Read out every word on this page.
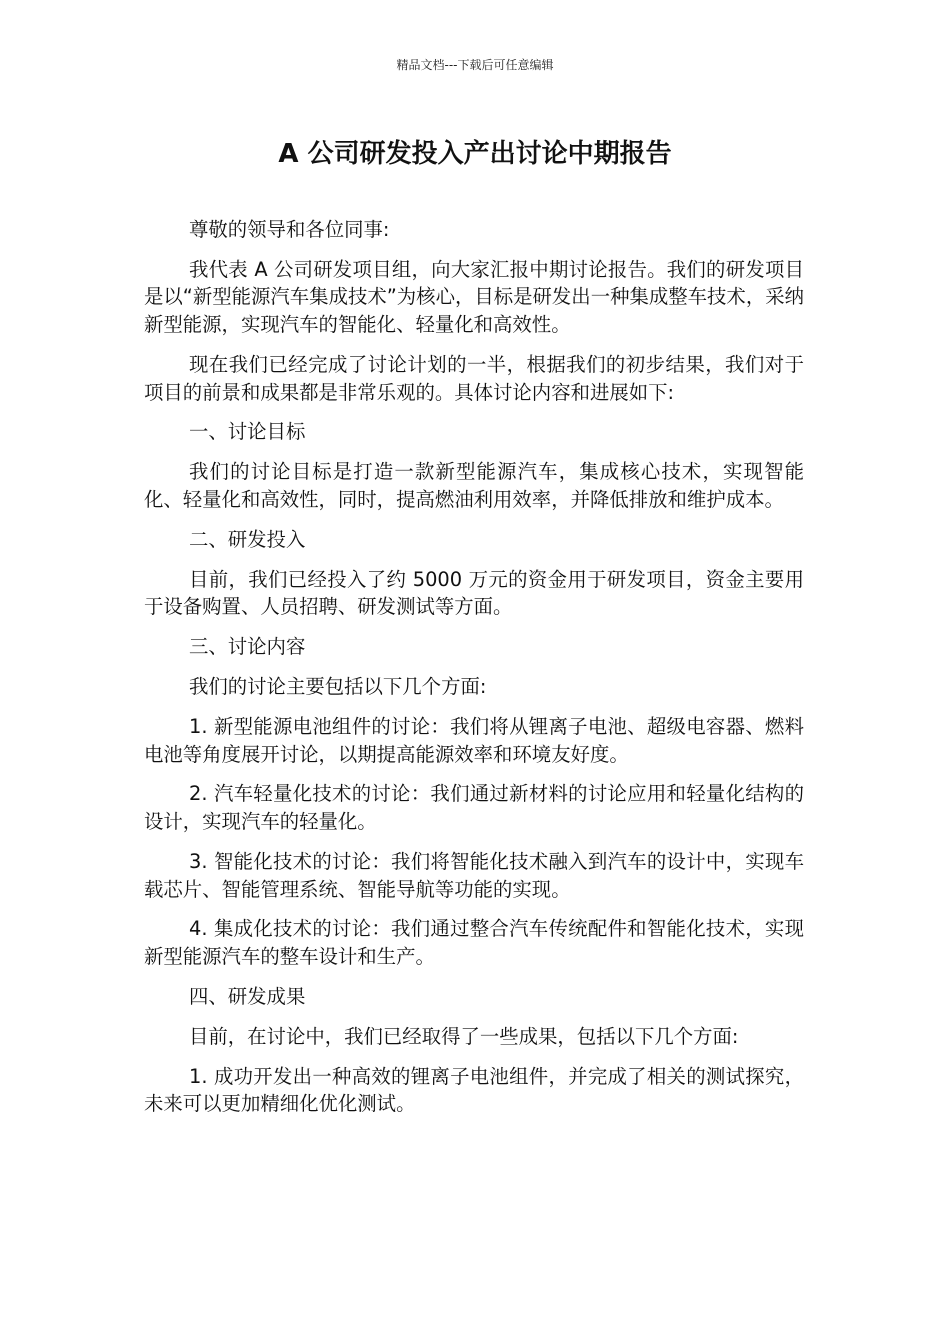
精品文档---下载后可任意编辑
A 公司研发投入产出讨论中期报告

尊敬的领导和各位同事:

我代表 A 公司研发项目组，向大家汇报中期讨论报告。我们的研发项目是以“新型能源汽车集成技术”为核心，目标是研发出一种集成整车技术，采纳新型能源，实现汽车的智能化、轻量化和高效性。

现在我们已经完成了讨论计划的一半，根据我们的初步结果，我们对于项目的前景和成果都是非常乐观的。具体讨论内容和进展如下:

一、讨论目标

我们的讨论目标是打造一款新型能源汽车，集成核心技术，实现智能化、轻量化和高效性，同时，提高燃油利用效率，并降低排放和维护成本。

二、研发投入

目前，我们已经投入了约 5000 万元的资金用于研发项目，资金主要用于设备购置、人员招聘、研发测试等方面。

三、讨论内容

我们的讨论主要包括以下几个方面:

1. 新型能源电池组件的讨论：我们将从锂离子电池、超级电容器、燃料电池等角度展开讨论，以期提高能源效率和环境友好度。

2. 汽车轻量化技术的讨论：我们通过新材料的讨论应用和轻量化结构的设计，实现汽车的轻量化。

3. 智能化技术的讨论：我们将智能化技术融入到汽车的设计中，实现车载芯片、智能管理系统、智能导航等功能的实现。

4. 集成化技术的讨论：我们通过整合汽车传统配件和智能化技术，实现新型能源汽车的整车设计和生产。

四、研发成果

目前，在讨论中，我们已经取得了一些成果，包括以下几个方面:

1. 成功开发出一种高效的锂离子电池组件，并完成了相关的测试探究，未来可以更加精细化优化测试。
